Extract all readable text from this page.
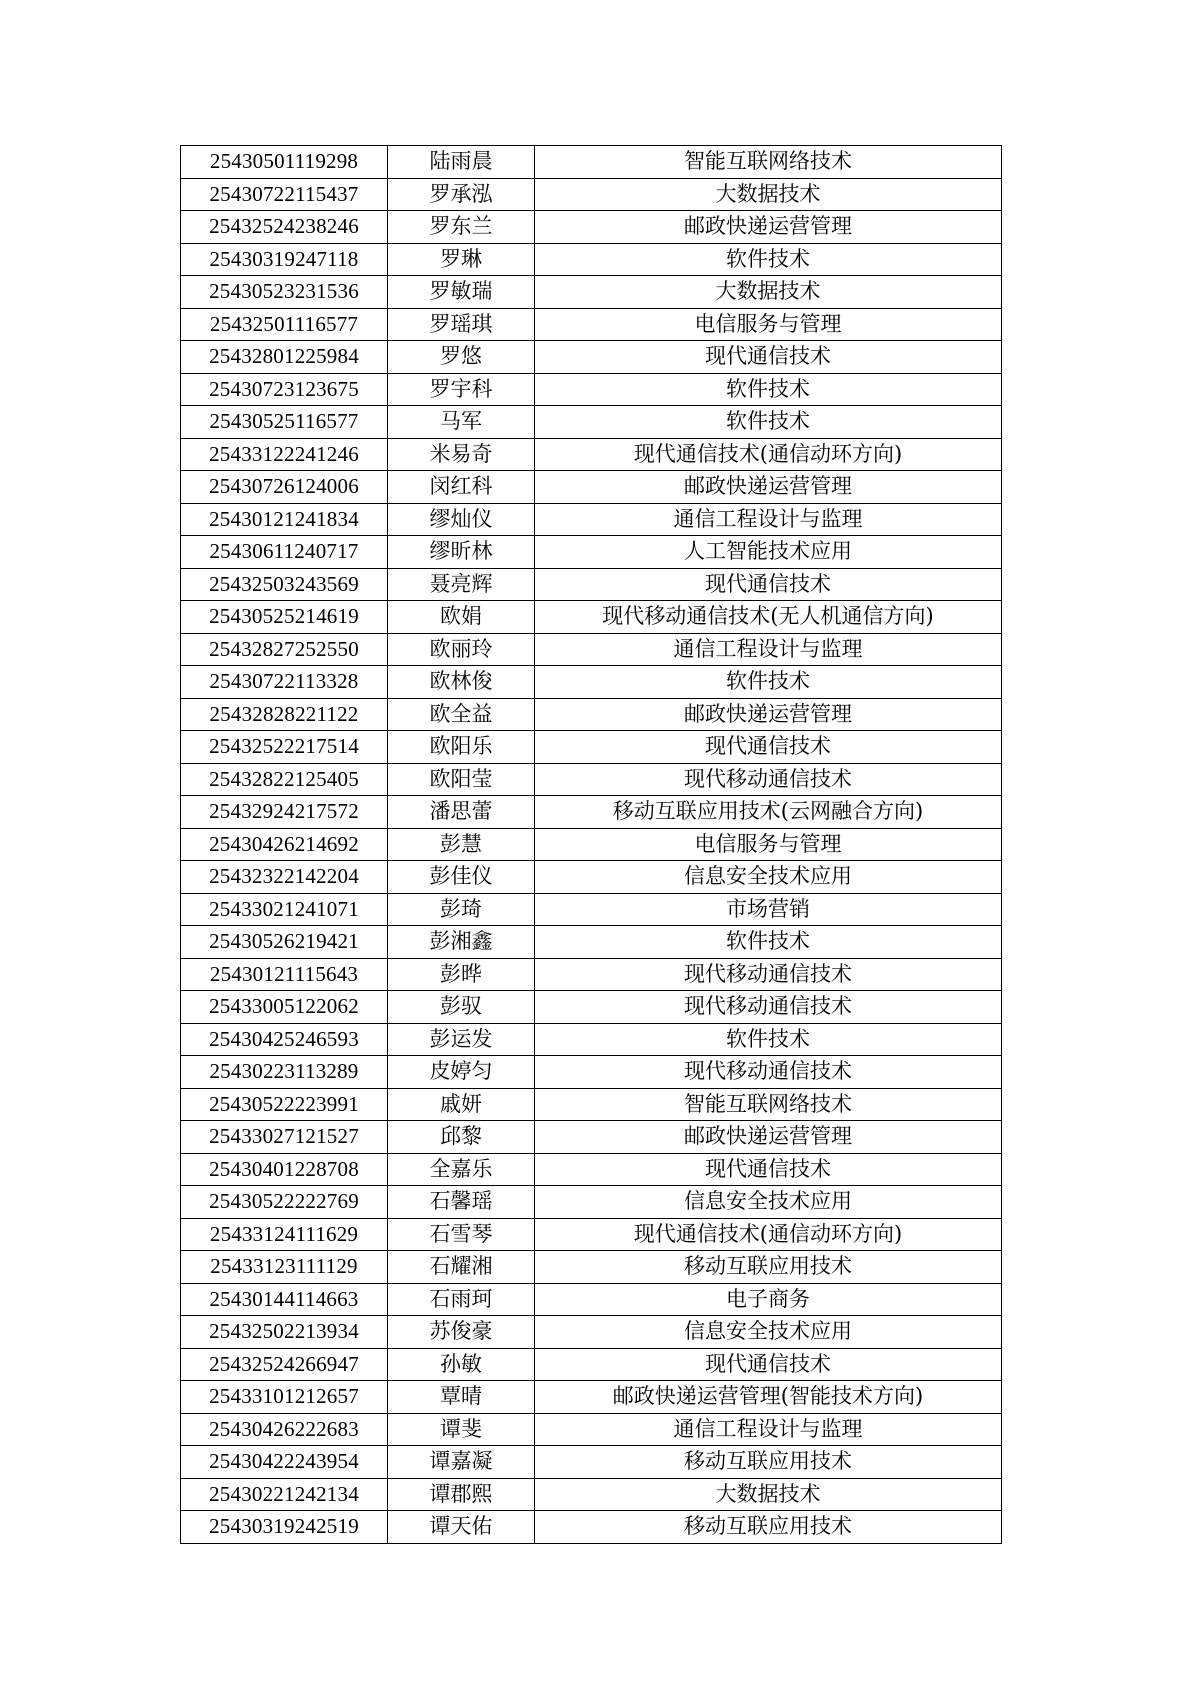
25430501119298	陆雨晨	智能互联网络技术
25430722115437	罗承泓	大数据技术
25432524238246	罗东兰	邮政快递运营管理
25430319247118	罗琳	软件技术
25430523231536	罗敏瑞	大数据技术
25432501116577	罗瑶琪	电信服务与管理
25432801225984	罗悠	现代通信技术
25430723123675	罗宇科	软件技术
25430525116577	马军	软件技术
25433122241246	米易奇	现代通信技术(通信动环方向)
25430726124006	闵红科	邮政快递运营管理
25430121241834	缪灿仪	通信工程设计与监理
25430611240717	缪昕林	人工智能技术应用
25432503243569	聂亮辉	现代通信技术
25430525214619	欧娟	现代移动通信技术(无人机通信方向)
25432827252550	欧丽玲	通信工程设计与监理
25430722113328	欧林俊	软件技术
25432828221122	欧全益	邮政快递运营管理
25432522217514	欧阳乐	现代通信技术
25432822125405	欧阳莹	现代移动通信技术
25432924217572	潘思蕾	移动互联应用技术(云网融合方向)
25430426214692	彭慧	电信服务与管理
25432322142204	彭佳仪	信息安全技术应用
25433021241071	彭琦	市场营销
25430526219421	彭湘鑫	软件技术
25430121115643	彭晔	现代移动通信技术
25433005122062	彭驭	现代移动通信技术
25430425246593	彭运发	软件技术
25430223113289	皮婷匀	现代移动通信技术
25430522223991	戚妍	智能互联网络技术
25433027121527	邱黎	邮政快递运营管理
25430401228708	全嘉乐	现代通信技术
25430522222769	石馨瑶	信息安全技术应用
25433124111629	石雪琴	现代通信技术(通信动环方向)
25433123111129	石耀湘	移动互联应用技术
25430144114663	石雨珂	电子商务
25432502213934	苏俊豪	信息安全技术应用
25432524266947	孙敏	现代通信技术
25433101212657	覃晴	邮政快递运营管理(智能技术方向)
25430426222683	谭斐	通信工程设计与监理
25430422243954	谭嘉凝	移动互联应用技术
25430221242134	谭郡熙	大数据技术
25430319242519	谭天佑	移动互联应用技术
